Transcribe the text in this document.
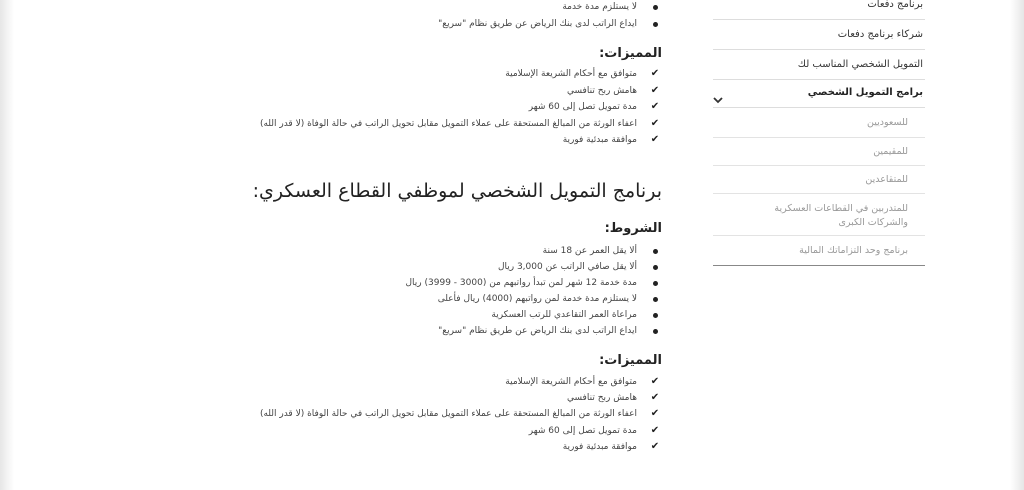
لا يستلزم مدة خدمة
ايداع الراتب لدى بنك الرياض عن طريق نظام "سريع"
المميزات:
✔
متوافق مع أحكام الشريعة الإسلامية
✔
هامش ربح تنافسي
✔
مدة تمويل تصل إلى 60 شهر
✔
اعفاء الورثة من المبالغ المستحقة على عملاء التمويل مقابل تحويل الراتب في حالة الوفاة (لا قدر الله)
✔
موافقة مبدئية فورية
برنامج التمويل الشخصي لموظفي القطاع العسكري:
الشروط:
ألا يقل العمر عن 18 سنة
ألا يقل صافي الراتب عن 3,000 ريال
مدة خدمة 12 شهر لمن تبدأ رواتبهم من (3000 - 3999) ريال
لا يستلزم مدة خدمة لمن رواتبهم (4000) ريال فأعلى
مراعاة العمر التقاعدي للرتب العسكرية
ايداع الراتب لدى بنك الرياض عن طريق نظام "سريع"
المميزات:
✔
متوافق مع أحكام الشريعة الإسلامية
✔
هامش ربح تنافسي
✔
اعفاء الورثة من المبالغ المستحقة على عملاء التمويل مقابل تحويل الراتب في حالة الوفاة (لا قدر الله)
✔
مدة تمويل تصل إلى 60 شهر
✔
موافقة مبدئية فورية
برنامج دفعات
شركاء برنامج دفعات
التمويل الشخصي المناسب لك
برامج التمويل الشخصي
للسعوديين
للمقيمين
للمتقاعدين
للمتدربين في القطاعات العسكرية والشركات الكبرى
برنامج وحد التزاماتك المالية
